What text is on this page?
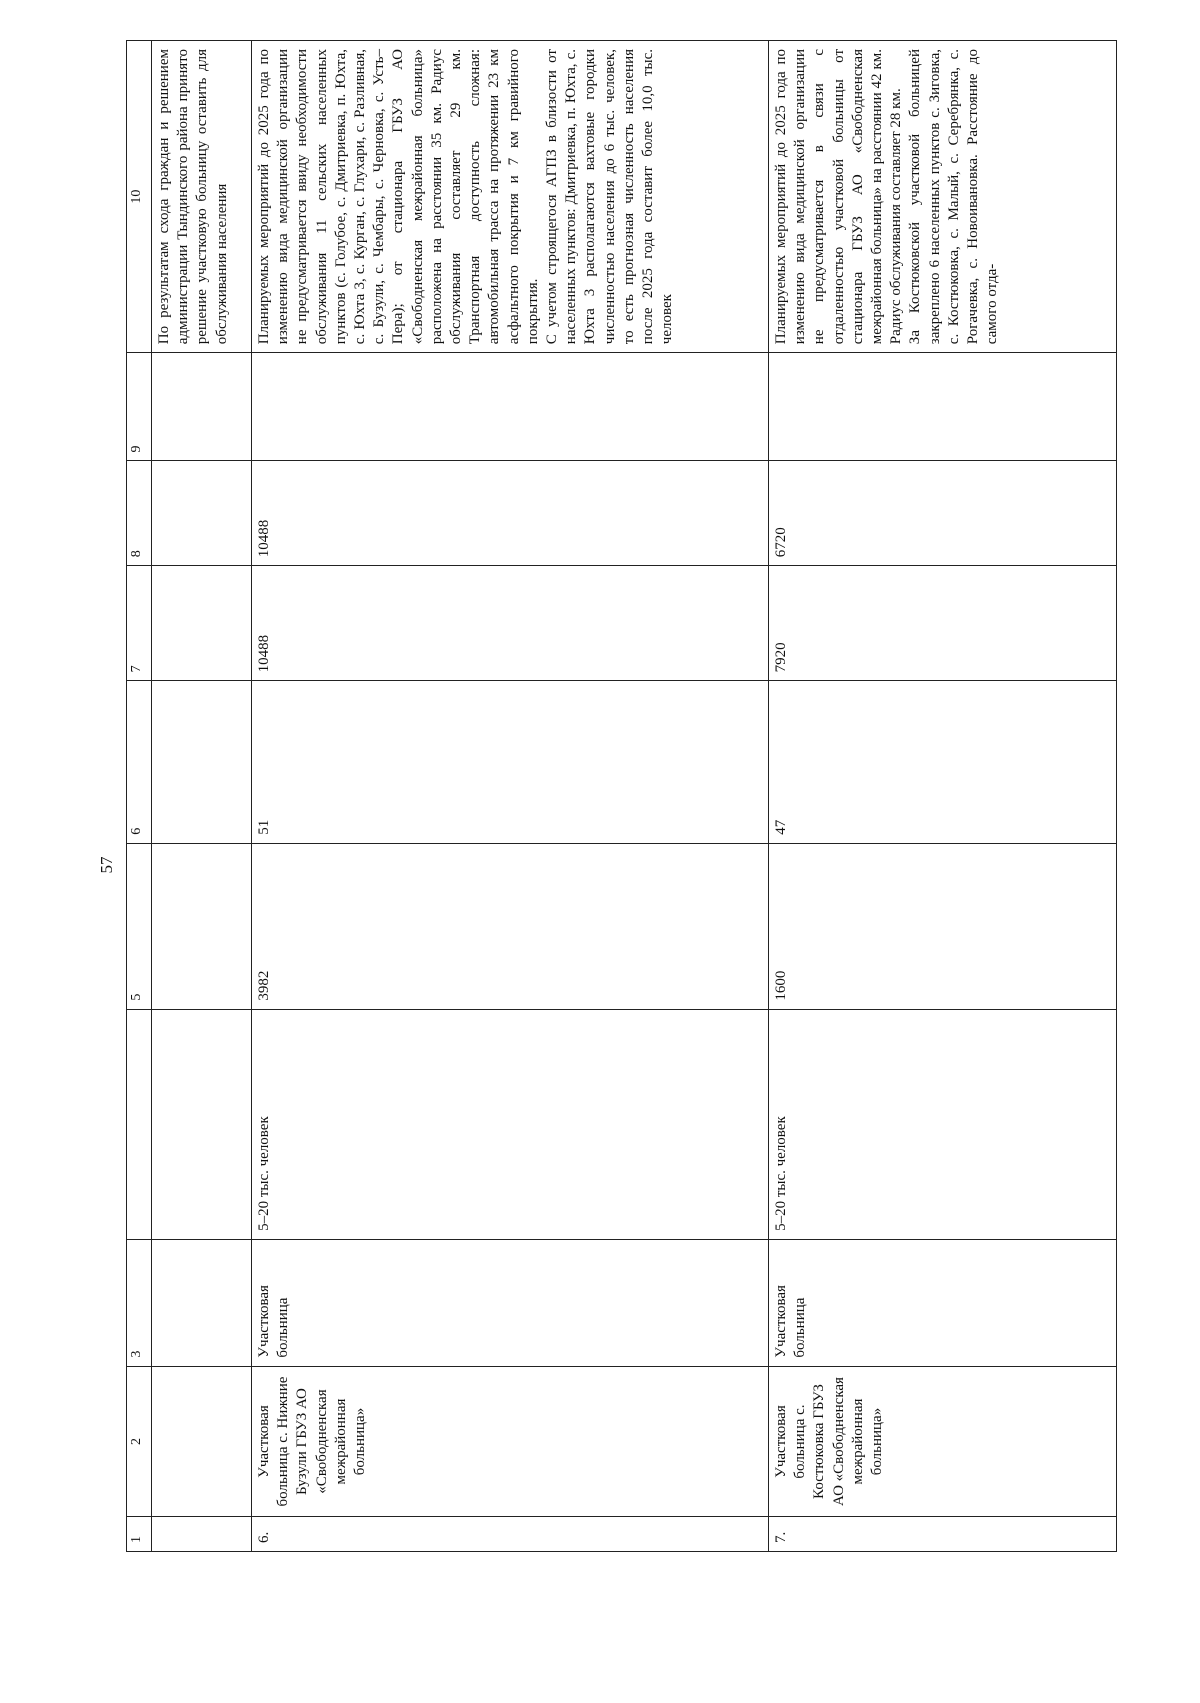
57
1	2	3		5	6	7	8	9	10

									По результатам схода граждан и решением администрации Тындинского района принято решение участковую больницу оставить для обслуживания населения

6.	Участковая больница с. Нижние Бузули ГБУЗ АО «Свободненская межрайонная больница»	Участковая больница	5–20 тыс. человек	3982	51	10488	10488		Планируемых мероприятий до 2025 года по изменению вида медицинской организации не предусматривается ввиду необходимости обслуживания 11 сельских населенных пунктов (с. Голубое, с. Дмитриевка, п. Юхта, с. Юхта 3, с. Курган, с. Глухари, с. Разливная, с. Бузули, с. Чембары, с. Черновка, с. Усть–Пера); от стационара ГБУЗ АО «Свободненская межрайонная больница» расположена на расстоянии 35 км. Радиус обслуживания составляет 29 км. Транспортная доступность сложная: автомобильная трасса на протяжении 23 км асфальтного покрытия и 7 км гравийного покрытия. С учетом строящегося АГПЗ в близости от населенных пунктов: Дмитриевка, п. Юхта, с. Юхта 3 располагаются вахтовые городки численностью населения до 6 тыс. человек, то есть прогнозная численность населения после 2025 года составит более 10,0 тыс. человек

7.	Участковая больница с. Костюковка ГБУЗ АО «Свободненская межрайонная больница»	Участковая больница	5–20 тыс. человек	1600	47	7920	6720		Планируемых мероприятий до 2025 года по изменению вида медицинской организации не предусматривается в связи с отдаленностью участковой больницы от стационара ГБУЗ АО «Свободненская межрайонная больница» на расстоянии 42 км. Радиус обслуживания составляет 28 км. За Костюковской участковой больницей закреплено 6 населенных пунктов с. Зиговка, с. Костюковка, с. Малый, с. Серебрянка, с. Рогачевка, с. Новоивановка. Расстояние до самого отда-
